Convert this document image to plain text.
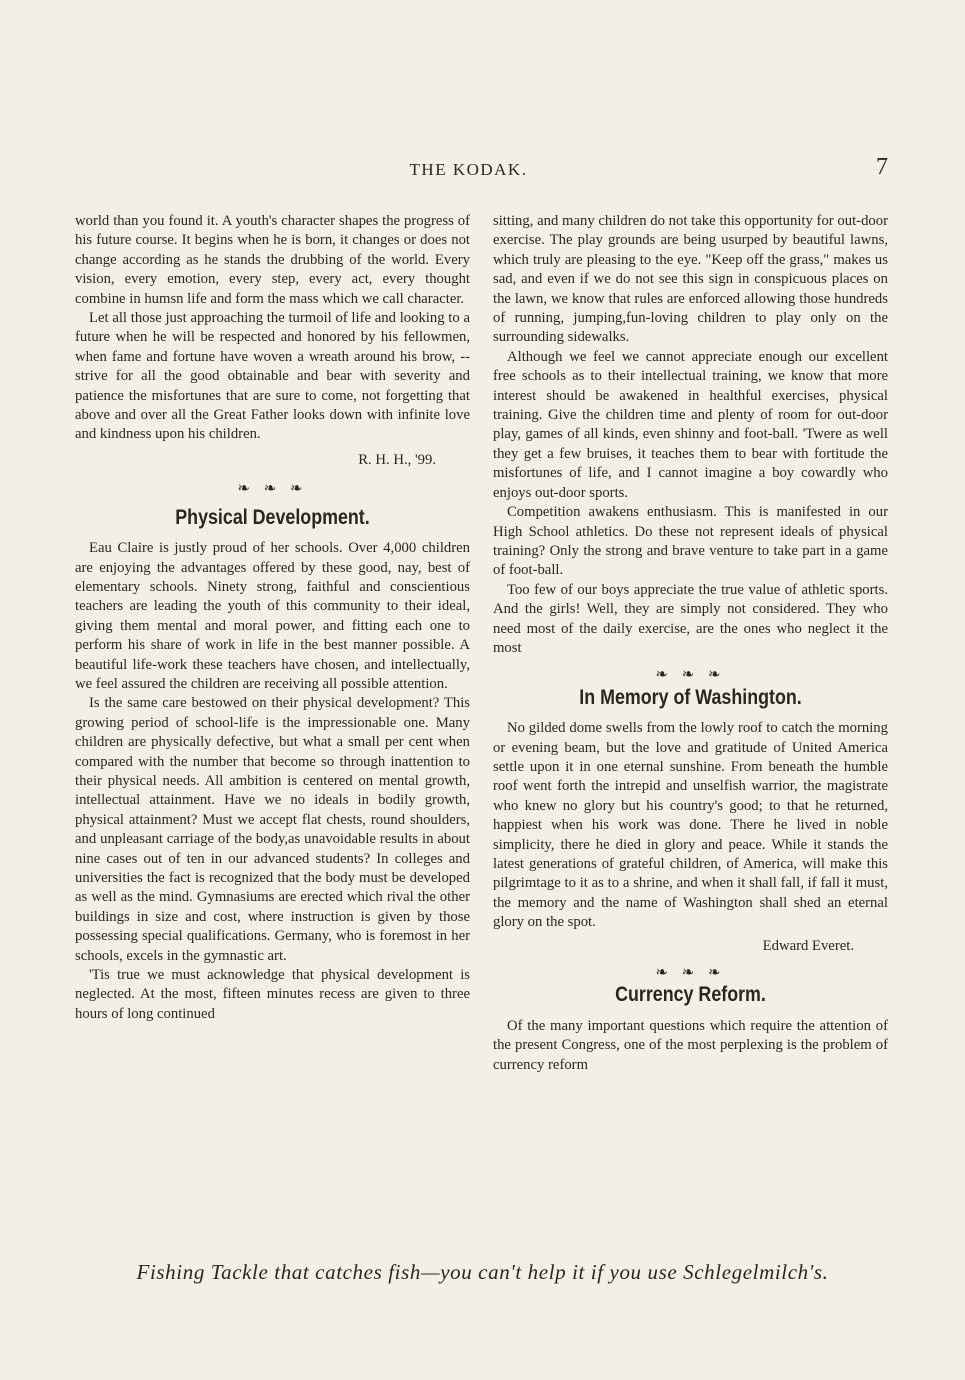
THE KODAK.	7

world than you found it. A youth's character shapes the progress of his future course. It begins when he is born, it changes or does not change according as he stands the drubbing of the world. Every vision, every emotion, every step, every act, every thought combine in humsn life and form the mass which we call character.

Let all those just approaching the turmoil of life and looking to a future when he will be respected and honored by his fellowmen, when fame and fortune have woven a wreath around his brow, -- strive for all the good obtainable and bear with severity and patience the misfortunes that are sure to come, not forgetting that above and over all the Great Father looks down with infinite love and kindness upon his children.

R. H. H., '99.
❧ ❧ ❧
Physical Development.

Eau Claire is justly proud of her schools. Over 4,000 children are enjoying the advantages offered by these good, nay, best of elementary schools. Ninety strong, faithful and conscientious teachers are leading the youth of this community to their ideal, giving them mental and moral power, and fitting each one to perform his share of work in life in the best manner possible. A beautiful life-work these teachers have chosen, and intellectually, we feel assured the children are receiving all possible attention.

Is the same care bestowed on their physical development? This growing period of school-life is the impressionable one. Many children are physically defective, but what a small per cent when compared with the number that become so through inattention to their physical needs. All ambition is centered on mental growth, intellectual attainment. Have we no ideals in bodily growth, physical attainment? Must we accept flat chests, round shoulders, and unpleasant carriage of the body,as unavoidable results in about nine cases out of ten in our advanced students? In colleges and universities the fact is recognized that the body must be developed as well as the mind. Gymnasiums are erected which rival the other buildings in size and cost, where instruction is given by those possessing special qualifications. Germany, who is foremost in her schools, excels in the gymnastic art.

'Tis true we must acknowledge that physical development is neglected. At the most, fifteen minutes recess are given to three hours of long continued

sitting, and many children do not take this opportunity for out-door exercise. The play grounds are being usurped by beautiful lawns, which truly are pleasing to the eye. "Keep off the grass," makes us sad, and even if we do not see this sign in conspicuous places on the lawn, we know that rules are enforced allowing those hundreds of running, jumping,fun-loving children to play only on the surrounding sidewalks.

Although we feel we cannot appreciate enough our excellent free schools as to their intellectual training, we know that more interest should be awakened in healthful exercises, physical training. Give the children time and plenty of room for out-door play, games of all kinds, even shinny and foot-ball. 'Twere as well they get a few bruises, it teaches them to bear with fortitude the misfortunes of life, and I cannot imagine a boy cowardly who enjoys out-door sports.

Competition awakens enthusiasm. This is manifested in our High School athletics. Do these not represent ideals of physical training? Only the strong and brave venture to take part in a game of foot-ball.

Too few of our boys appreciate the true value of athletic sports. And the girls! Well, they are simply not considered. They who need most of the daily exercise, are the ones who neglect it the most

❧ ❧ ❧
In Memory of Washington.

No gilded dome swells from the lowly roof to catch the morning or evening beam, but the love and gratitude of United America settle upon it in one eternal sunshine. From beneath the humble roof went forth the intrepid and unselfish warrior, the magistrate who knew no glory but his country's good; to that he returned, happiest when his work was done. There he lived in noble simplicity, there he died in glory and peace. While it stands the latest generations of grateful children, of America, will make this pilgrimtage to it as to a shrine, and when it shall fall, if fall it must, the memory and the name of Washington shall shed an eternal glory on the spot.

Edward Everet.
❧ ❧ ❧
Currency Reform.

Of the many important questions which require the attention of the present Congress, one of the most perplexing is the problem of currency reform

Fishing Tackle that catches fish—you can't help it if you use Schlegelmilch's.
